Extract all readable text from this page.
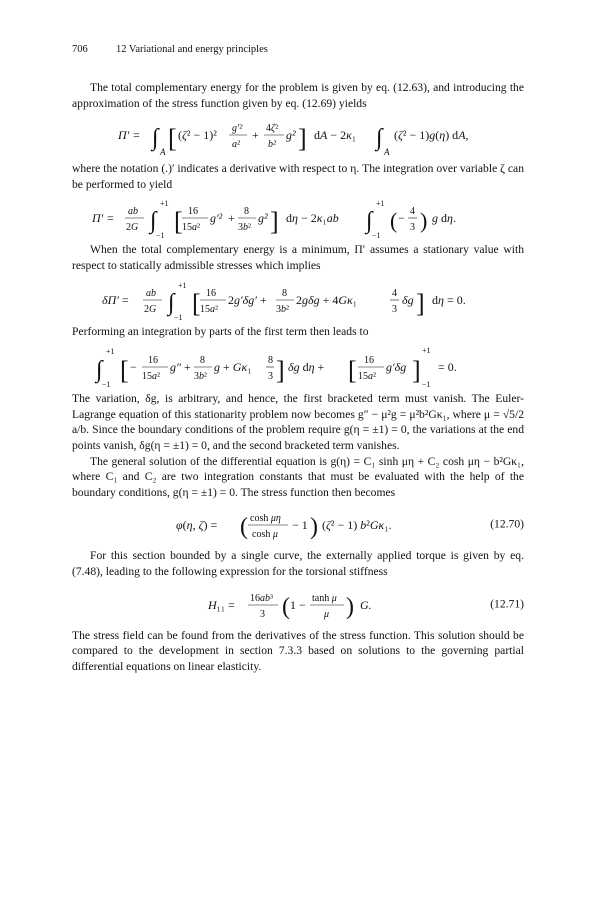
706	12 Variational and energy principles

The total complementary energy for the problem is given by eq. (12.63), and introducing the approximation of the stress function given by eq. (12.69) yields

Π′ = ∫
A [ (ζ² − 1)² g′²
a²
+ 4ζ²
b²
g² ] dA − 2κ₁ ∫
A
(ζ² − 1)g(η) dA,

where the notation (.)′ indicates a derivative with respect to η. The integration over variable ζ can be performed to yield

Π′ = ab
2G ∫
+1
−1 [ 16
15a²
g′² + 8
3b²
g² ] dη − 2κ₁ab ∫
+1
−1
( − 4
3 ) g dη.

When the total complementary energy is a minimum, Π′ assumes a stationary value with respect to statically admissible stresses which implies

δΠ′ = ab
2G ∫
+1
−1 [ 16
15a²
2g′δg′ + 8
3b²
2gδg + 4Gκ₁	4
3
δg ] dη = 0.

Performing an integration by parts of the first term then leads to

∫
+1
−1 [ − 16
15a²
g″ + 8
3b²
g + Gκ₁ 8
3 ] δg dη + [ 16
15a²
g′δg ]
+1
−1
= 0.

The variation, δg, is arbitrary, and hence, the first bracketed term must vanish. The Euler-Lagrange equation of this stationarity problem now becomes g″ − μ²g = μ²b²Gκ₁, where μ = √5/2 a/b. Since the boundary conditions of the problem require g(η = ±1) = 0, the variations at the end points vanish, δg(η = ±1) = 0, and the second bracketed term vanishes.

The general solution of the differential equation is g(η) = C₁ sinh μη + C₂ cosh μη − b²Gκ₁, where C₁ and C₂ are two integration constants that must be evaluated with the help of the boundary conditions, g(η = ±1) = 0. The stress function then becomes

φ(η, ζ) = ( cosh μη
cosh μ
− 1 ) (ζ² − 1) b²Gκ₁.	(12.70)

For this section bounded by a single curve, the externally applied torque is given by eq. (7.48), leading to the following expression for the torsional stiffness

H₁₁ = 16ab³
3 ( 1 − tanh μ
μ ) G.	(12.71)

The stress field can be found from the derivatives of the stress function. This solution should be compared to the development in section 7.3.3 based on solutions to the governing partial differential equations on linear elasticity.
